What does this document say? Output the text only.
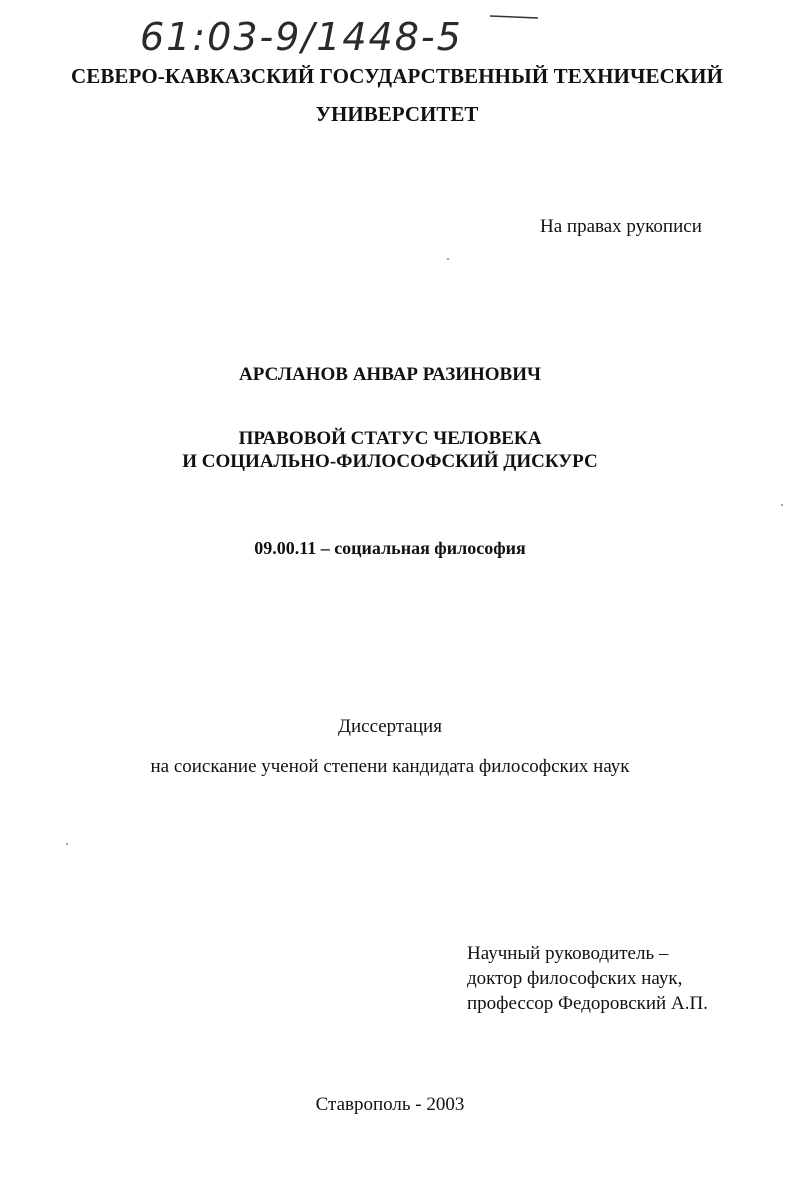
61:03-9/1448-5
СЕВЕРО-КАВКАЗСКИЙ ГОСУДАРСТВЕННЫЙ ТЕХНИЧЕСКИЙ
УНИВЕРСИТЕТ
На правах рукописи
АРСЛАНОВ АНВАР РАЗИНОВИЧ
ПРАВОВОЙ СТАТУС ЧЕЛОВЕКА
И СОЦИАЛЬНО-ФИЛОСОФСКИЙ ДИСКУРС
09.00.11 – социальная философия
Диссертация
на соискание ученой степени кандидата философских наук
Научный руководитель –
доктор философских наук,
профессор Федоровский А.П.
Ставрополь - 2003
